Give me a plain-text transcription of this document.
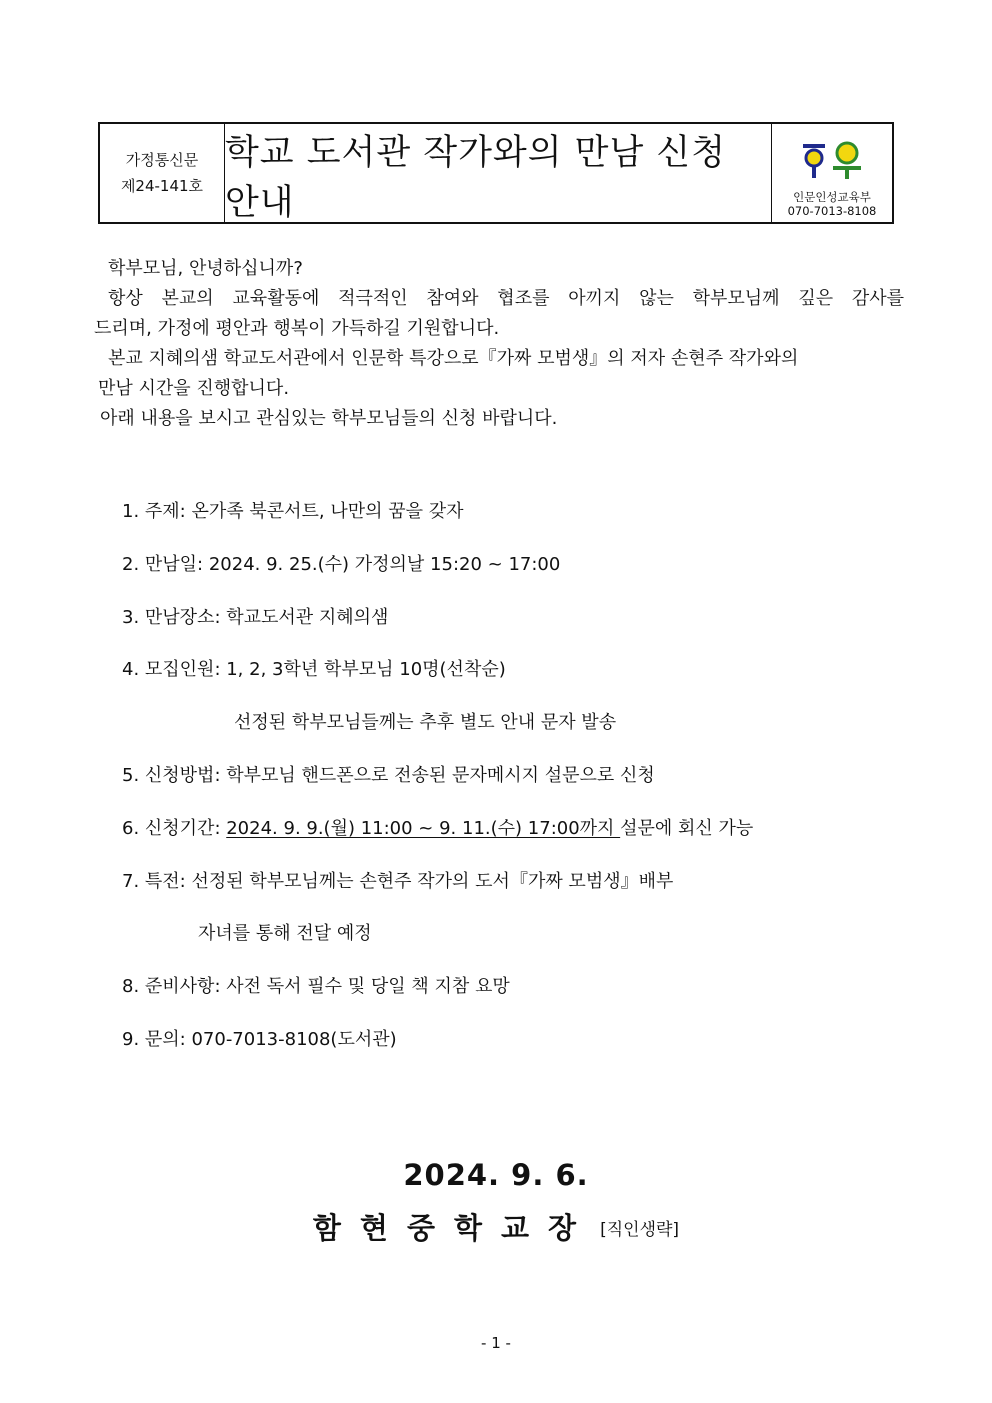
가정통신문
제24-141호
학교 도서관 작가와의 만남 신청 안내	인문인성교육부
070-7013-8108

학부모님, 안녕하십니까?

항상 본교의 교육활동에 적극적인 참여와 협조를 아끼지 않는 학부모님께 깊은 감사를

드리며, 가정에 평안과 행복이 가득하길 기원합니다.

본교 지혜의샘 학교도서관에서 인문학 특강으로『가짜 모범생』의 저자 손현주 작가와의

만남 시간을 진행합니다.

아래 내용을 보시고 관심있는 학부모님들의 신청 바랍니다.

1. 주제: 온가족 북콘서트, 나만의 꿈을 갖자
2. 만남일: 2024. 9. 25.(수) 가정의날 15:20 ~ 17:00
3. 만남장소: 학교도서관 지혜의샘
4. 모집인원: 1, 2, 3학년 학부모님 10명(선착순)
선정된 학부모님들께는 추후 별도 안내 문자 발송
5. 신청방법: 학부모님 핸드폰으로 전송된 문자메시지 설문으로 신청
6. 신청기간: 2024. 9. 9.(월) 11:00 ~ 9. 11.(수) 17:00까지 설문에 회신 가능
7. 특전: 선정된 학부모님께는 손현주 작가의 도서『가짜 모범생』배부
자녀를 통해 전달 예정
8. 준비사항: 사전 독서 필수 및 당일 책 지참 요망
9. 문의: 070-7013-8108(도서관)
2024. 9. 6.
함현중학교장 [직인생략]
- 1 -
